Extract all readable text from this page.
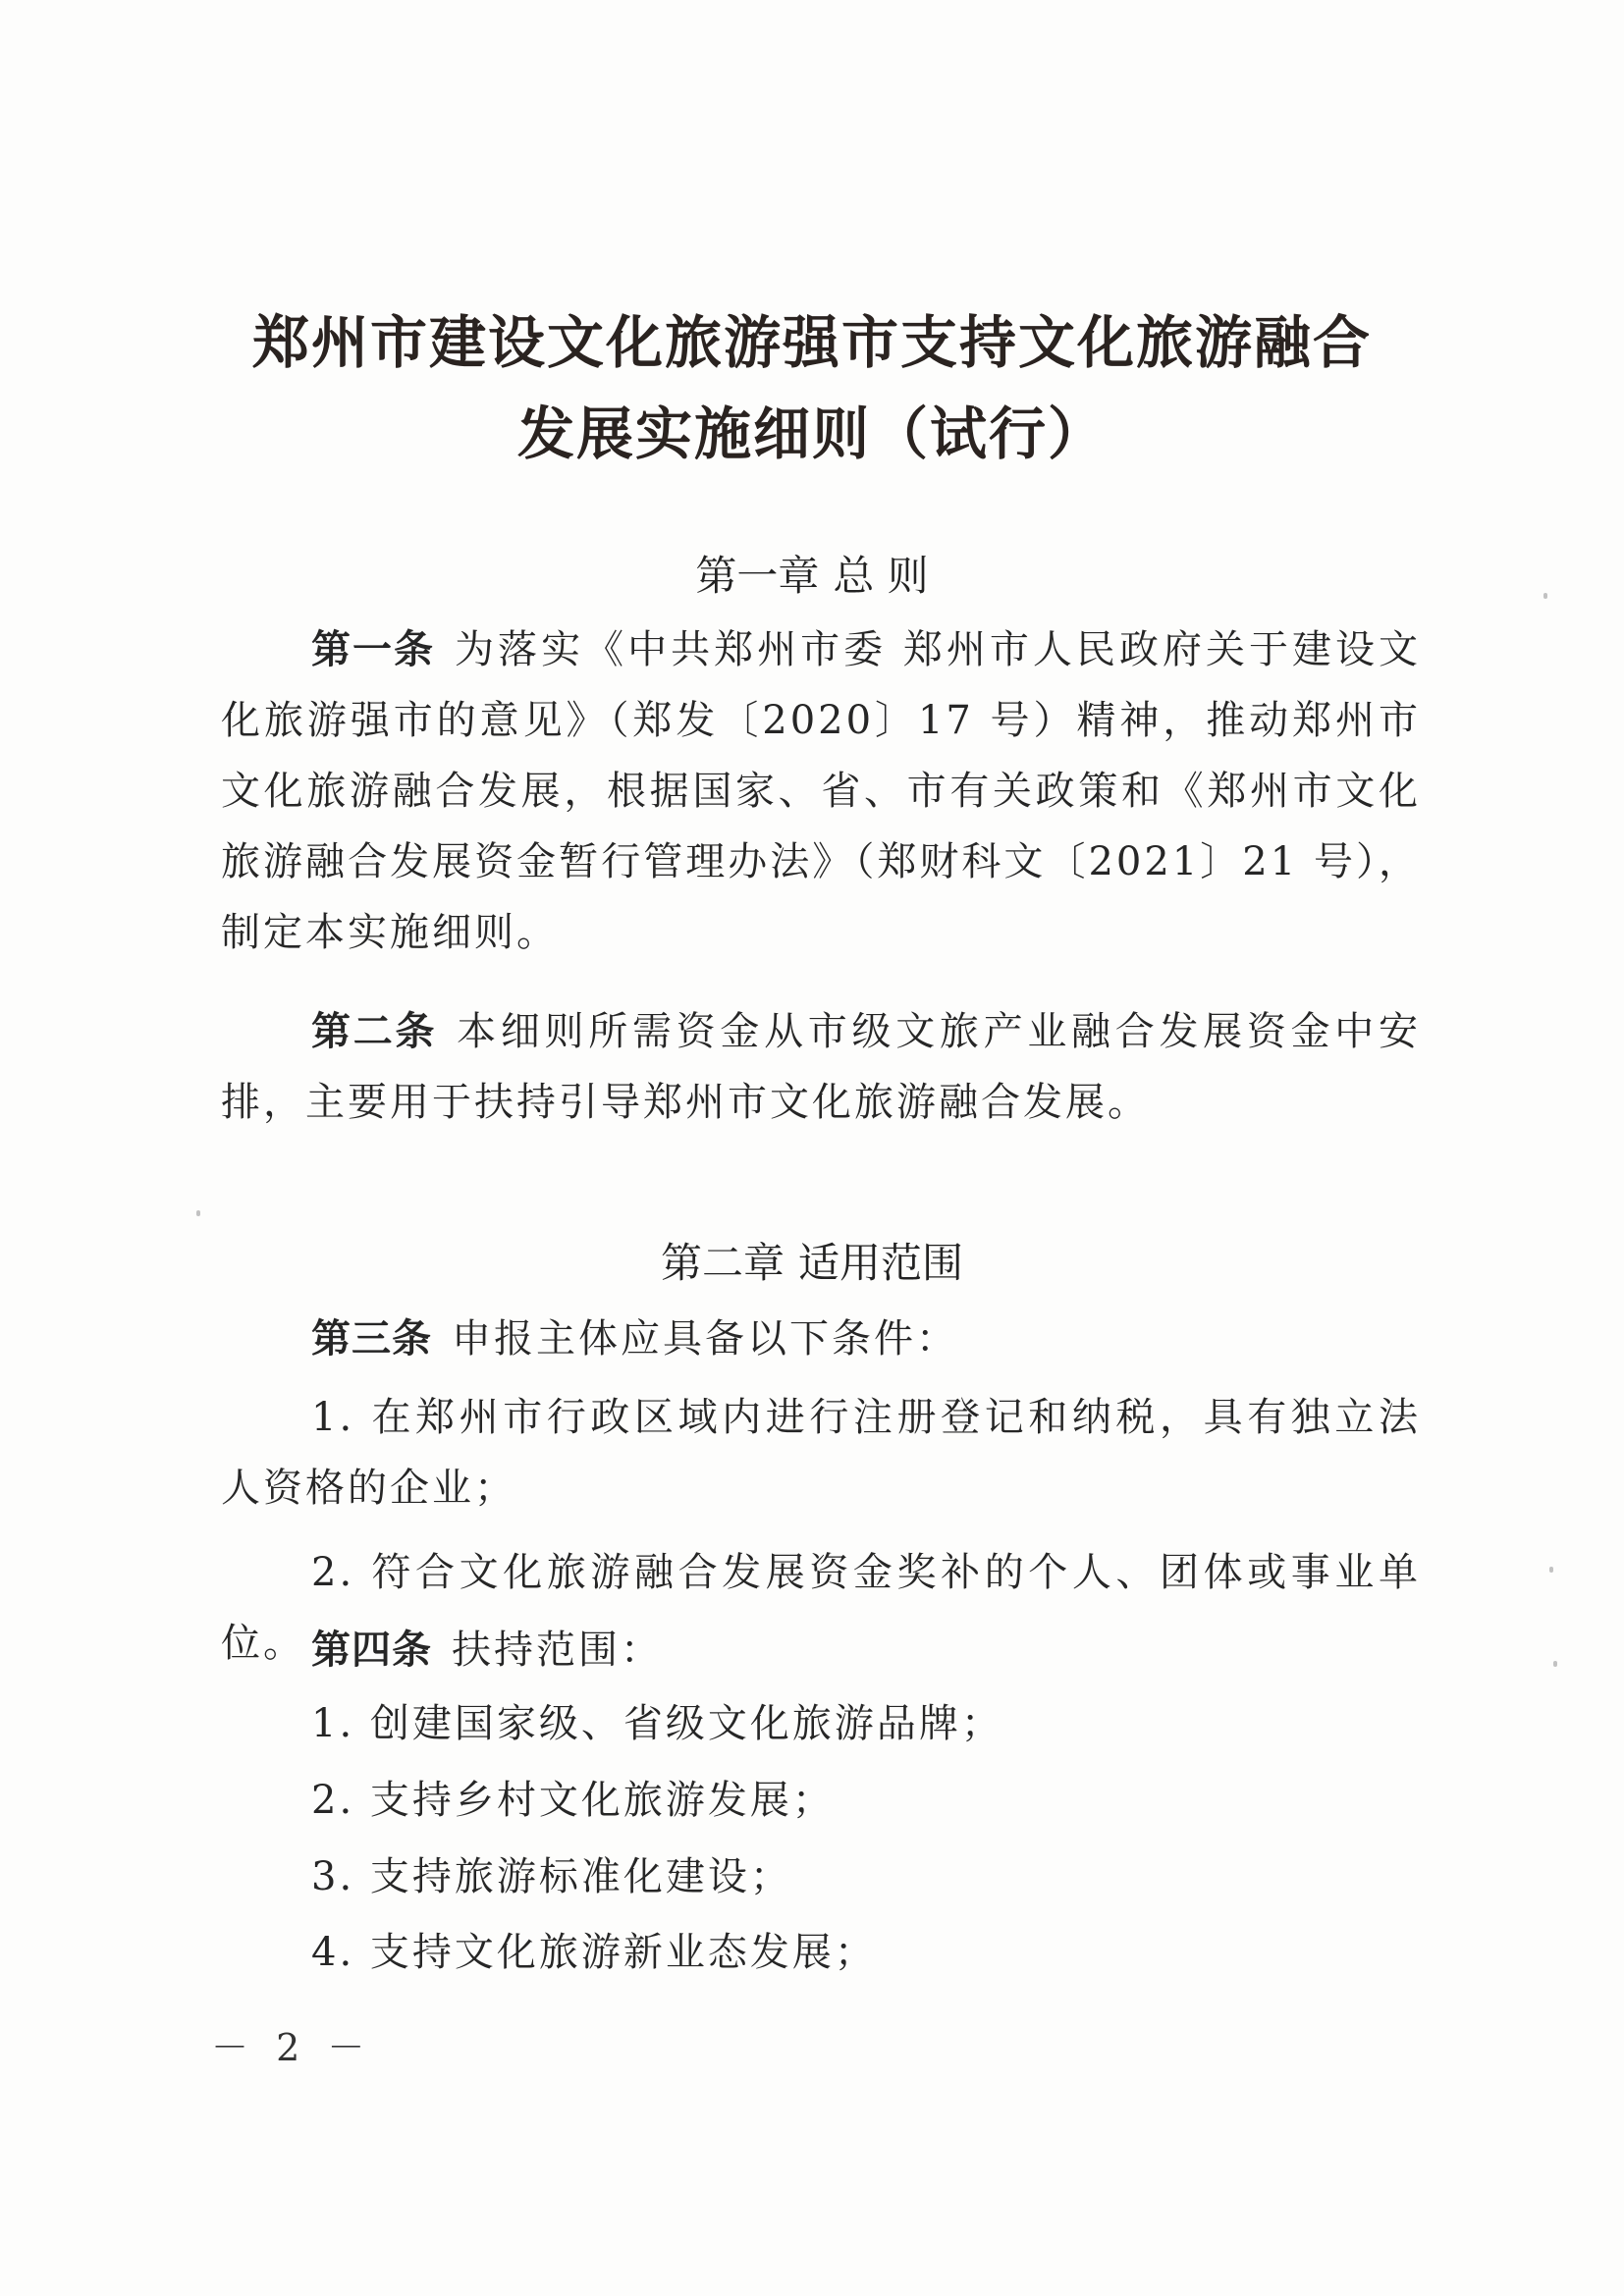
郑州市建设文化旅游强市支持文化旅游融合
发展实施细则（试行）
第一章 总 则

第一条 为落实《中共郑州市委 郑州市人民政府关于建设文化旅游强市的意见》（郑发〔2020〕17 号）精神，推动郑州市文化旅游融合发展，根据国家、省、市有关政策和《郑州市文化旅游融合发展资金暂行管理办法》（郑财科文〔2021〕21 号），制定本实施细则。

第二条 本细则所需资金从市级文旅产业融合发展资金中安排，主要用于扶持引导郑州市文化旅游融合发展。

第二章 适用范围

第三条 申报主体应具备以下条件：

1. 在郑州市行政区域内进行注册登记和纳税，具有独立法人资格的企业；

2. 符合文化旅游融合发展资金奖补的个人、团体或事业单位。 第四条 扶持范围：

1. 创建国家级、省级文化旅游品牌；

2. 支持乡村文化旅游发展；

3. 支持旅游标准化建设；

4. 支持文化旅游新业态发展；

－ 2 －
